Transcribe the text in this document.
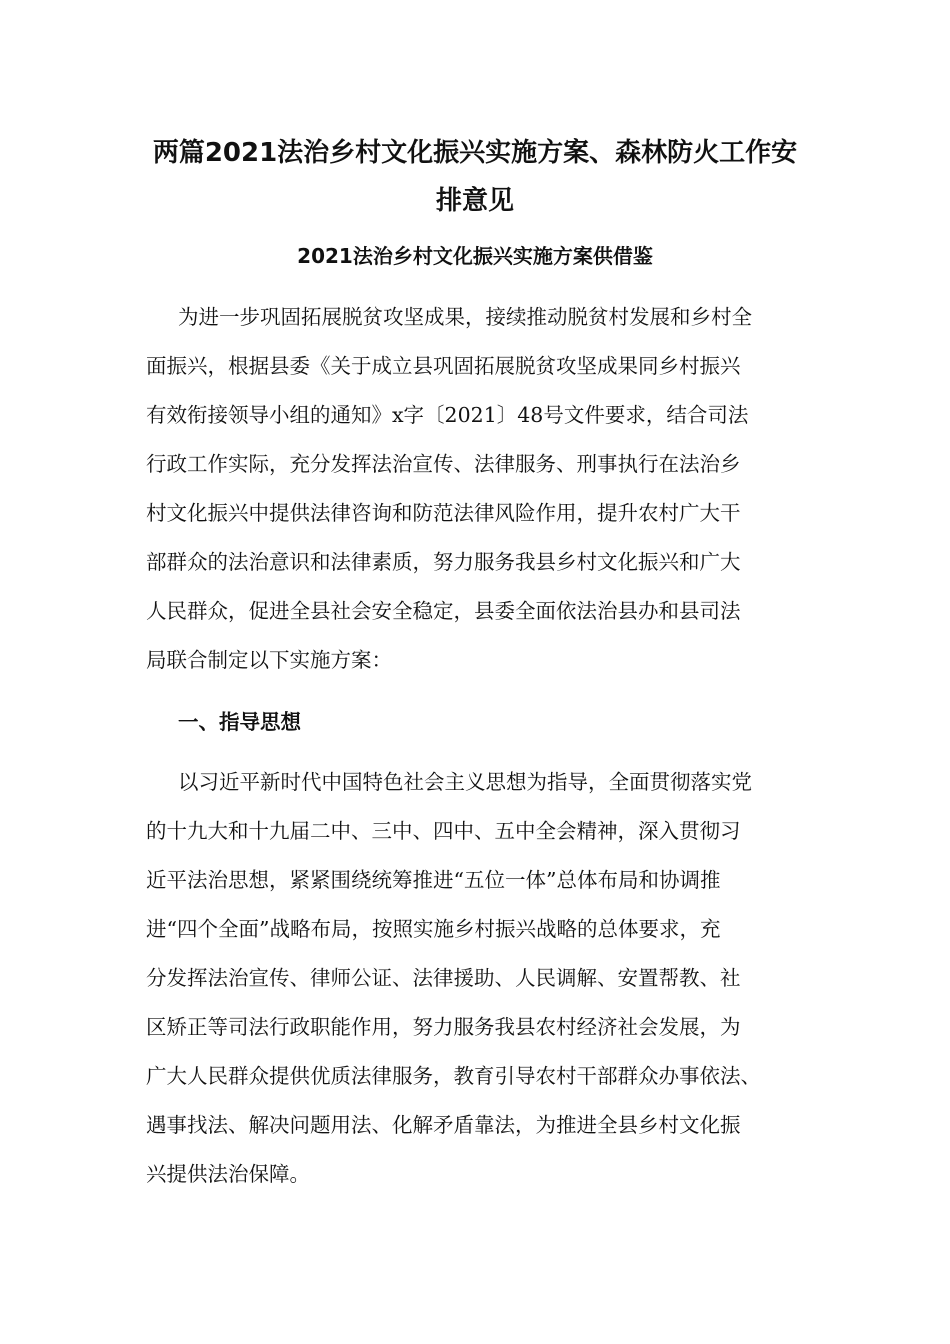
两篇2021法治乡村文化振兴实施方案、森林防火工作安
排意见
2021法治乡村文化振兴实施方案供借鉴

为进一步巩固拓展脱贫攻坚成果，接续推动脱贫村发展和乡村全

面振兴，根据县委《关于成立县巩固拓展脱贫攻坚成果同乡村振兴

有效衔接领导小组的通知》x字〔2021〕48号文件要求，结合司法

行政工作实际，充分发挥法治宣传、法律服务、刑事执行在法治乡

村文化振兴中提供法律咨询和防范法律风险作用，提升农村广大干

部群众的法治意识和法律素质，努力服务我县乡村文化振兴和广大

人民群众，促进全县社会安全稳定，县委全面依法治县办和县司法

局联合制定以下实施方案：

一、指导思想

以习近平新时代中国特色社会主义思想为指导，全面贯彻落实党

的十九大和十九届二中、三中、四中、五中全会精神，深入贯彻习

近平法治思想，紧紧围绕统筹推进“五位一体”总体布局和协调推

进“四个全面”战略布局，按照实施乡村振兴战略的总体要求，充

分发挥法治宣传、律师公证、法律援助、人民调解、安置帮教、社

区矫正等司法行政职能作用，努力服务我县农村经济社会发展，为

广大人民群众提供优质法律服务，教育引导农村干部群众办事依法、

遇事找法、解决问题用法、化解矛盾靠法，为推进全县乡村文化振

兴提供法治保障。
